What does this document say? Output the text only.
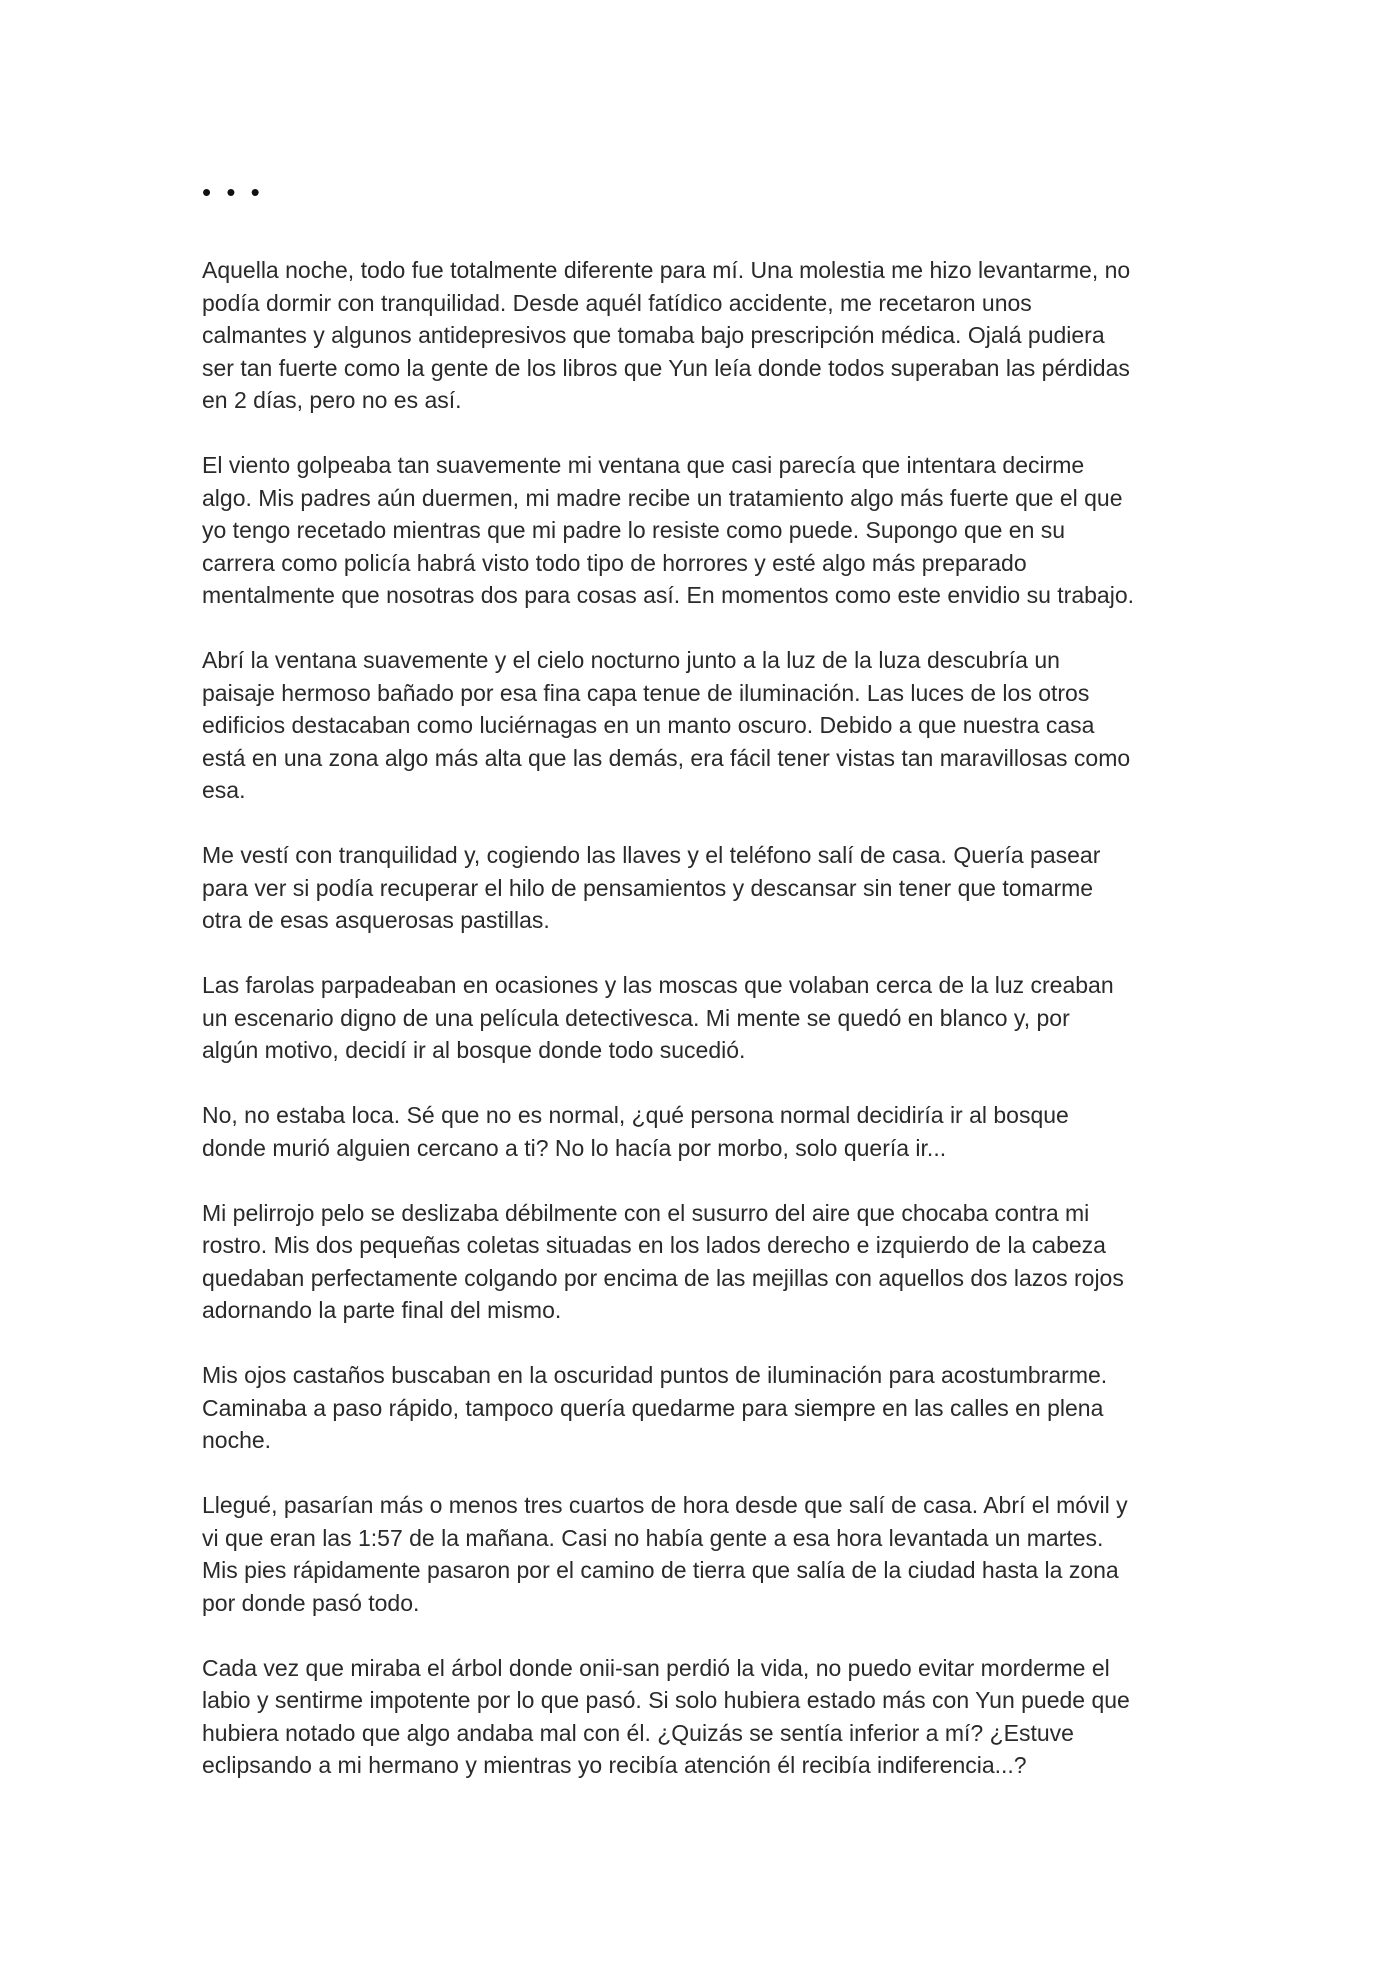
• • •

Aquella noche, todo fue totalmente diferente para mí. Una molestia me hizo levantarme, no
podía dormir con tranquilidad. Desde aquél fatídico accidente, me recetaron unos
calmantes y algunos antidepresivos que tomaba bajo prescripción médica. Ojalá pudiera
ser tan fuerte como la gente de los libros que Yun leía donde todos superaban las pérdidas
en 2 días, pero no es así.

El viento golpeaba tan suavemente mi ventana que casi parecía que intentara decirme
algo. Mis padres aún duermen, mi madre recibe un tratamiento algo más fuerte que el que
yo tengo recetado mientras que mi padre lo resiste como puede. Supongo que en su
carrera como policía habrá visto todo tipo de horrores y esté algo más preparado
mentalmente que nosotras dos para cosas así. En momentos como este envidio su trabajo.

Abrí la ventana suavemente y el cielo nocturno junto a la luz de la luza descubría un
paisaje hermoso bañado por esa fina capa tenue de iluminación. Las luces de los otros
edificios destacaban como luciérnagas en un manto oscuro. Debido a que nuestra casa
está en una zona algo más alta que las demás, era fácil tener vistas tan maravillosas como
esa.

Me vestí con tranquilidad y, cogiendo las llaves y el teléfono salí de casa. Quería pasear
para ver si podía recuperar el hilo de pensamientos y descansar sin tener que tomarme
otra de esas asquerosas pastillas.

Las farolas parpadeaban en ocasiones y las moscas que volaban cerca de la luz creaban
un escenario digno de una película detectivesca. Mi mente se quedó en blanco y, por
algún motivo, decidí ir al bosque donde todo sucedió.

No, no estaba loca. Sé que no es normal, ¿qué persona normal decidiría ir al bosque
donde murió alguien cercano a ti? No lo hacía por morbo, solo quería ir...

Mi pelirrojo pelo se deslizaba débilmente con el susurro del aire que chocaba contra mi
rostro. Mis dos pequeñas coletas situadas en los lados derecho e izquierdo de la cabeza
quedaban perfectamente colgando por encima de las mejillas con aquellos dos lazos rojos
adornando la parte final del mismo.

Mis ojos castaños buscaban en la oscuridad puntos de iluminación para acostumbrarme.
Caminaba a paso rápido, tampoco quería quedarme para siempre en las calles en plena
noche.

Llegué, pasarían más o menos tres cuartos de hora desde que salí de casa. Abrí el móvil y
vi que eran las 1:57 de la mañana. Casi no había gente a esa hora levantada un martes.
Mis pies rápidamente pasaron por el camino de tierra que salía de la ciudad hasta la zona
por donde pasó todo.

Cada vez que miraba el árbol donde onii-san perdió la vida, no puedo evitar morderme el
labio y sentirme impotente por lo que pasó. Si solo hubiera estado más con Yun puede que
hubiera notado que algo andaba mal con él. ¿Quizás se sentía inferior a mí? ¿Estuve
eclipsando a mi hermano y mientras yo recibía atención él recibía indiferencia...?
